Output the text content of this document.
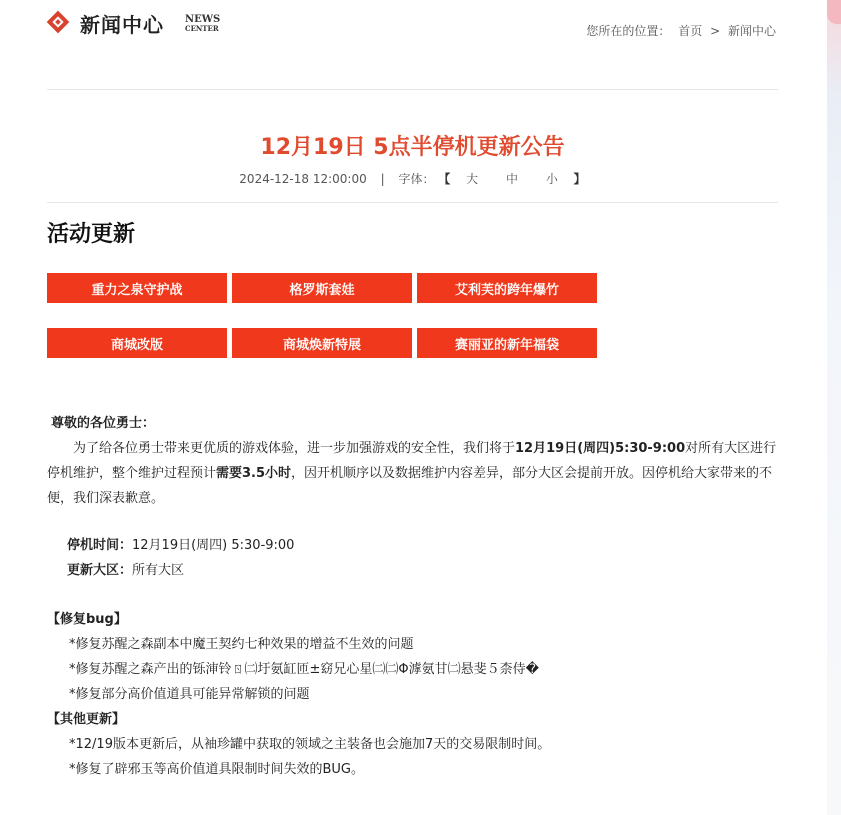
新闻中心 NEWS
CENTER	您所在的位置： 首页 > 新闻中心
12月19日 5点半停机更新公告
2024-12-18 12:00:00 | 字体： 【 大 中 小 】
活动更新
重力之泉守护战	格罗斯套娃	艾利芙的跨年爆竹
商城改版	商城焕新特展	赛丽亚的新年福袋
尊敬的各位勇士：
为了给各位勇士带来更优质的游戏体验，进一步加强游戏的安全性，我们将于12月19日(周四)5:30-9:00对所有大区进行停机维护，整个维护过程预计需要3.5小时，因开机顺序以及数据维护内容差异，部分大区会提前开放。因停机给大家带来的不便，我们深表歉意。
停机时间：12月19日(周四) 5:30-9:00
更新大区：所有大区
【修复bug】
*修复苏醒之森副本中魔王契约七种效果的增益不生效的问题
*修复苏醒之森产出的铄渖铃ㄖ㈡圩氨缸匝±窈兄心星㈡㈡Φ滹氨甘㈡悬斐５柰侍�
*修复部分高价值道具可能异常解锁的问题
【其他更新】
*12/19版本更新后，从袖珍罐中获取的领域之主装备也会施加7天的交易限制时间。
*修复了辟邪玉等高价值道具限制时间失效的BUG。
